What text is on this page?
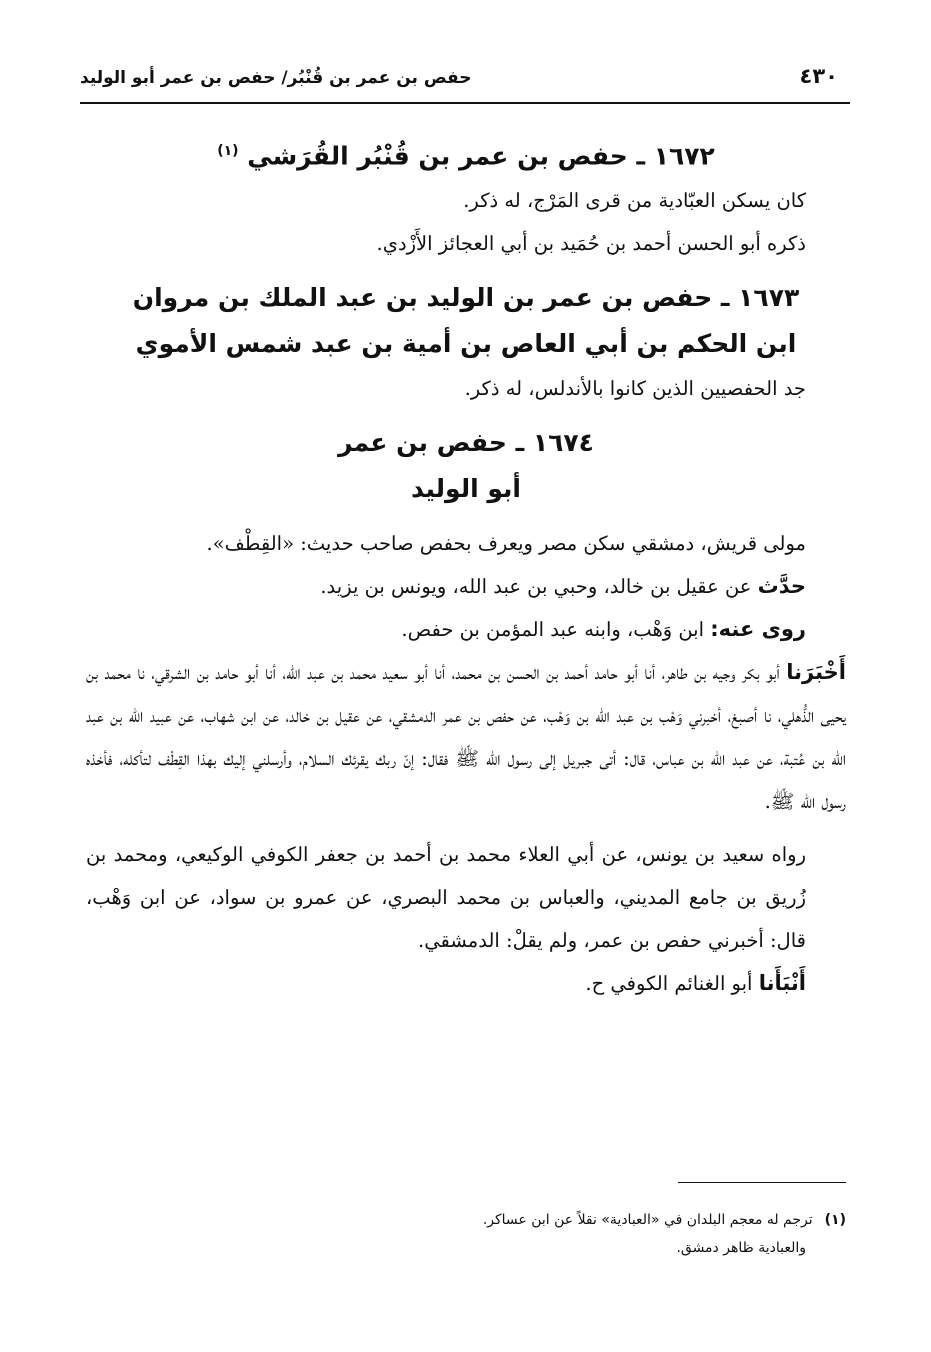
٤٣٠
حفص بن عمر بن قُنْبُر/ حفص بن عمر أبو الوليد
١٦٧٢ ـ حفص بن عمر بن قُنْبُر القُرَشي $^{(١)}$

كان يسكن العبّادية من قرى المَرْج، له ذكر.

ذكره أبو الحسن أحمد بن حُمَيد بن أبي العجائز الأَزْدي.

١٦٧٣ ـ حفص بن عمر بن الوليد بن عبد الملك بن مروان
ابن الحكم بن أبي العاص بن أمية بن عبد شمس الأموي

جد الحفصيين الذين كانوا بالأندلس، له ذكر.

١٦٧٤ ـ حفص بن عمر
أبو الوليد

مولى قريش، دمشقي سكن مصر ويعرف بحفص صاحب حديث: «القِطْف».

حدَّث عن عقيل بن خالد، وحبي بن عبد الله، ويونس بن يزيد.

روى عنه: ابن وَهْب، وابنه عبد المؤمن بن حفص.

أَخْبَرَنا أبو بكر وجيه بن طاهر، أنا أبو حامد أحمد بن الحسن بن محمد، أنا أبو سعيد محمد بن عبد الله، أنا أبو حامد بن الشرقي، نا محمد بن يحيى الذُّهلي، نا أصبغ، أخبرني وَهْب بن عبد الله بن وَهْب، عن حفص بن عمر الدمشقي، عن عقيل بن خالد، عن ابن شهاب، عن عبيد الله بن عبد الله بن عُتبة، عن عبد الله بن عباس، قال: أتى جبريل إلى رسول الله ﷺ فقال: إنّ ربك يقرئك السلام، وأرسلني إليك بهذا القِطْف لتأكله، فأخذه رسول الله ﷺ.

رواه سعيد بن يونس، عن أبي العلاء محمد بن أحمد بن جعفر الكوفي الوكيعي، ومحمد بن زُريق بن جامع المديني، والعباس بن محمد البصري، عن عمرو بن سواد، عن ابن وَهْب، قال: أخبرني حفص بن عمر، ولم يقلْ: الدمشقي.

أَنْبَأَنا أبو الغنائم الكوفي ح.

(١)ترجم له معجم البلدان في «العبادية» نقلاً عن ابن عساكر.
والعبادية ظاهر دمشق.
